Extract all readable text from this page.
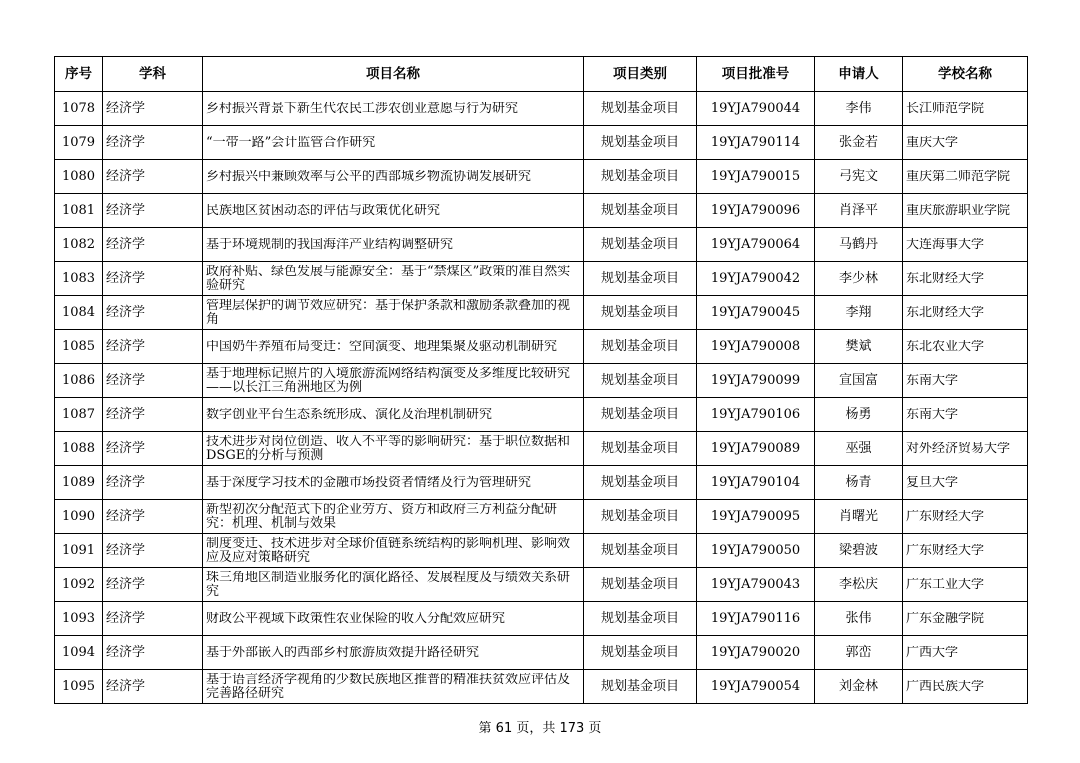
序号	学科	项目名称	项目类别	项目批准号	申请人	学校名称
1078	经济学	乡村振兴背景下新生代农民工涉农创业意愿与行为研究	规划基金项目	19YJA790044	李伟	长江师范学院

1079	经济学	“一带一路”会计监管合作研究	规划基金项目	19YJA790114	张金若	重庆大学

1080	经济学	乡村振兴中兼顾效率与公平的西部城乡物流协调发展研究	规划基金项目	19YJA790015	弓宪文	重庆第二师范学院

1081	经济学	民族地区贫困动态的评估与政策优化研究	规划基金项目	19YJA790096	肖泽平	重庆旅游职业学院

1082	经济学	基于环境规制的我国海洋产业结构调整研究	规划基金项目	19YJA790064	马鹤丹	大连海事大学

1083	经济学	政府补贴、绿色发展与能源安全：基于“禁煤区”政策的准自然实验研究	规划基金项目	19YJA790042	李少林	东北财经大学

1084	经济学	管理层保护的调节效应研究：基于保护条款和激励条款叠加的视角	规划基金项目	19YJA790045	李翔	东北财经大学

1085	经济学	中国奶牛养殖布局变迁：空间演变、地理集聚及驱动机制研究	规划基金项目	19YJA790008	樊斌	东北农业大学

1086	经济学	基于地理标记照片的入境旅游流网络结构演变及多维度比较研究——以长江三角洲地区为例	规划基金项目	19YJA790099	宣国富	东南大学

1087	经济学	数字创业平台生态系统形成、演化及治理机制研究	规划基金项目	19YJA790106	杨勇	东南大学

1088	经济学	技术进步对岗位创造、收入不平等的影响研究：基于职位数据和DSGE的分析与预测	规划基金项目	19YJA790089	巫强	对外经济贸易大学

1089	经济学	基于深度学习技术的金融市场投资者情绪及行为管理研究	规划基金项目	19YJA790104	杨青	复旦大学

1090	经济学	新型初次分配范式下的企业劳方、资方和政府三方利益分配研究：机理、机制与效果	规划基金项目	19YJA790095	肖曙光	广东财经大学

1091	经济学	制度变迁、技术进步对全球价值链系统结构的影响机理、影响效应及应对策略研究	规划基金项目	19YJA790050	梁碧波	广东财经大学

1092	经济学	珠三角地区制造业服务化的演化路径、发展程度及与绩效关系研究	规划基金项目	19YJA790043	李松庆	广东工业大学

1093	经济学	财政公平视域下政策性农业保险的收入分配效应研究	规划基金项目	19YJA790116	张伟	广东金融学院

1094	经济学	基于外部嵌入的西部乡村旅游质效提升路径研究	规划基金项目	19YJA790020	郭峦	广西大学

1095	经济学	基于语言经济学视角的少数民族地区推普的精准扶贫效应评估及完善路径研究	规划基金项目	19YJA790054	刘金林	广西民族大学
第 61 页，共 173 页
